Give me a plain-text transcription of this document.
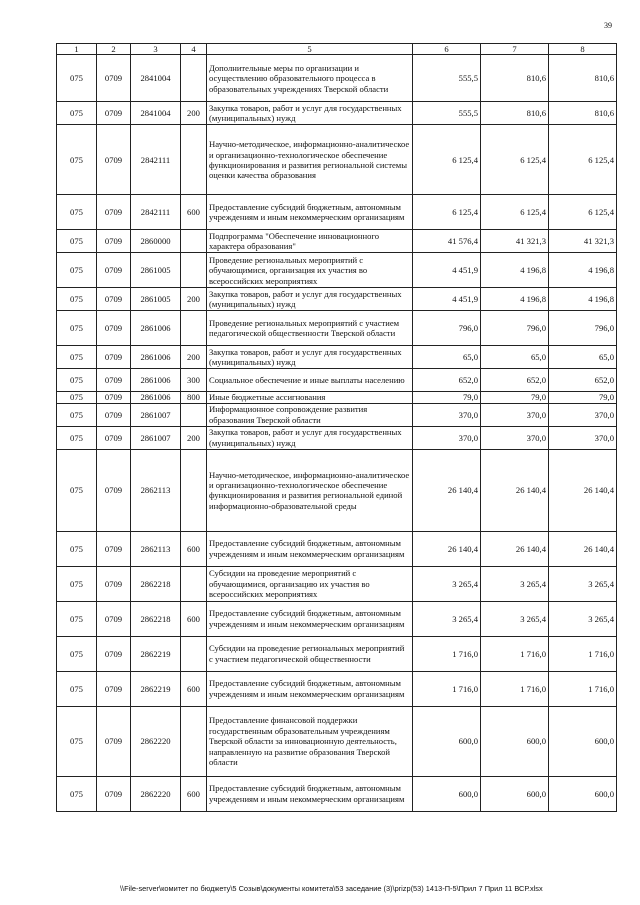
39
1	2	3	4	5	6	7	8
075	0709	2841004		Дополнительные меры по организации и осуществлению образовательного процесса в образовательных учреждениях Тверской области	555,5	810,6	810,6
075	0709	2841004	200	Закупка товаров, работ и услуг для государственных (муниципальных) нужд	555,5	810,6	810,6
075	0709	2842111		Научно-методическое, информационно-аналитическое и организационно-технологическое обеспечение функционирования и развития региональной системы оценки качества образования	6 125,4	6 125,4	6 125,4
075	0709	2842111	600	Предоставление субсидий бюджетным, автономным учреждениям и иным некоммерческим организациям	6 125,4	6 125,4	6 125,4
075	0709	2860000		Подпрограмма "Обеспечение инновационного характера образования"	41 576,4	41 321,3	41 321,3
075	0709	2861005		Проведение региональных мероприятий с обучающимися, организация их участия во всероссийских мероприятиях	4 451,9	4 196,8	4 196,8
075	0709	2861005	200	Закупка товаров, работ и услуг для государственных (муниципальных) нужд	4 451,9	4 196,8	4 196,8
075	0709	2861006		Проведение региональных мероприятий с участием педагогической общественности Тверской области	796,0	796,0	796,0
075	0709	2861006	200	Закупка товаров, работ и услуг для государственных (муниципальных) нужд	65,0	65,0	65,0
075	0709	2861006	300	Социальное обеспечение и иные выплаты населению	652,0	652,0	652,0
075	0709	2861006	800	Иные бюджетные ассигнования	79,0	79,0	79,0
075	0709	2861007		Информационное сопровождение развития образования Тверской области	370,0	370,0	370,0
075	0709	2861007	200	Закупка товаров, работ и услуг для государственных (муниципальных) нужд	370,0	370,0	370,0
075	0709	2862113		Научно-методическое, информационно-аналитическое и организационно-технологическое обеспечение функционирования и развития региональной единой информационно-образовательной среды	26 140,4	26 140,4	26 140,4
075	0709	2862113	600	Предоставление субсидий бюджетным, автономным учреждениям и иным некоммерческим организациям	26 140,4	26 140,4	26 140,4
075	0709	2862218		Субсидии на проведение мероприятий с обучающимися, организацию их участия во всероссийских мероприятиях	3 265,4	3 265,4	3 265,4
075	0709	2862218	600	Предоставление субсидий бюджетным, автономным учреждениям и иным некоммерческим организациям	3 265,4	3 265,4	3 265,4
075	0709	2862219		Субсидии на проведение региональных мероприятий с участием педагогической общественности	1 716,0	1 716,0	1 716,0
075	0709	2862219	600	Предоставление субсидий бюджетным, автономным учреждениям и иным некоммерческим организациям	1 716,0	1 716,0	1 716,0
075	0709	2862220		Предоставление финансовой поддержки государственным образовательным учреждениям Тверской области за инновационную деятельность, направленную на развитие образования Тверской области	600,0	600,0	600,0
075	0709	2862220	600	Предоставление субсидий бюджетным, автономным учреждениям и иным некоммерческим организациям	600,0	600,0	600,0
\\File-server\комитет по бюджету\5 Созыв\документы комитета\53 заседание (3)\prizp(53) 1413-П-5\Прил 7 Прил 11 ВСР.xlsx
